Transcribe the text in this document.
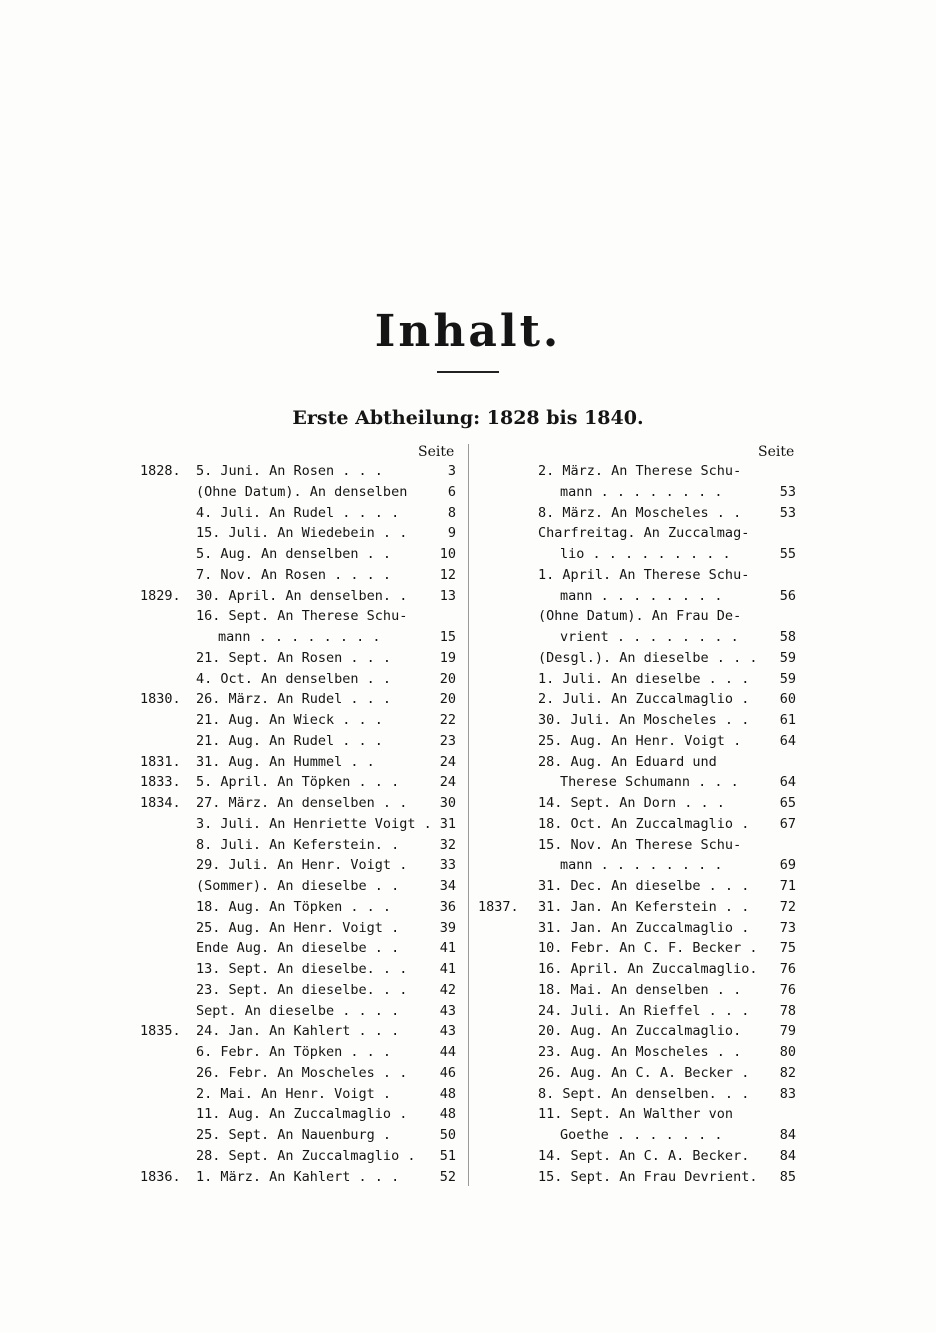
Inhalt.
Erste Abtheilung: 1828 bis 1840.
Seite	Seite
1828.	5. Juni. An Rosen . . .	3
(Ohne Datum). An denselben	6
4. Juli. An Rudel . . . .	8
15. Juli. An Wiedebein . .	9
5. Aug. An denselben . .	10
7. Nov. An Rosen . . . .	12
1829.	30. April. An denselben. . 13
16. Sept. An Therese Schu-
mann . . . . . . . .	15
21. Sept. An Rosen . . .	19
4. Oct. An denselben . .	20
1830.	26. März. An Rudel . . .	20
21. Aug. An Wieck . . .	22
21. Aug. An Rudel . . .	23
1831.	31. Aug. An Hummel . .	24
1833.	5. April. An Töpken . . .	24
1834.	27. März. An denselben . . 30
3. Juli. An Henriette Voigt . 31
8. Juli. An Keferstein. .	32
29. Juli. An Henr. Voigt . 33
(Sommer). An dieselbe . .	34
18. Aug. An Töpken . . .	36
25. Aug. An Henr. Voigt .	39
Ende Aug. An dieselbe . .	41
13. Sept. An dieselbe. . . 41
23. Sept. An dieselbe. . . 42
Sept. An dieselbe . . . .	43
1835.	24. Jan. An Kahlert . . .	43
6. Febr. An Töpken . . .	44
26. Febr. An Moscheles . . 46
2. Mai. An Henr. Voigt .	48
11. Aug. An Zuccalmaglio . 48
25. Sept. An Nauenburg .	50
28. Sept. An Zuccalmaglio . 51
1836.	1. März. An Kahlert . . .	52
2. März. An Therese Schu-
mann . . . . . . . .	53
8. März. An Moscheles . .	53
Charfreitag. An Zuccalmag-
lio . . . . . . . . .	55
1. April. An Therese Schu-
mann . . . . . . . .	56
(Ohne Datum). An Frau De-
vrient . . . . . . . .	58
(Desgl.). An dieselbe . . . 59
1. Juli. An dieselbe . . . 59
2. Juli. An Zuccalmaglio . 60
30. Juli. An Moscheles . . 61
25. Aug. An Henr. Voigt .	64
28. Aug. An Eduard und
Therese Schumann . . .	64
14. Sept. An Dorn . . .	65
18. Oct. An Zuccalmaglio . 67
15. Nov. An Therese Schu-
mann . . . . . . . .	69
31. Dec. An dieselbe . . . 71
1837.	31. Jan. An Keferstein . . 72
31. Jan. An Zuccalmaglio . 73
10. Febr. An C. F. Becker . 75
16. April. An Zuccalmaglio. 76
18. Mai. An denselben . .	76
24. Juli. An Rieffel . . . 78
20. Aug. An Zuccalmaglio.	79
23. Aug. An Moscheles . .	80
26. Aug. An C. A. Becker . 82
8. Sept. An denselben. . . 83
11. Sept. An Walther von
Goethe . . . . . . .	84
14. Sept. An C. A. Becker. 84
15. Sept. An Frau Devrient. 85
